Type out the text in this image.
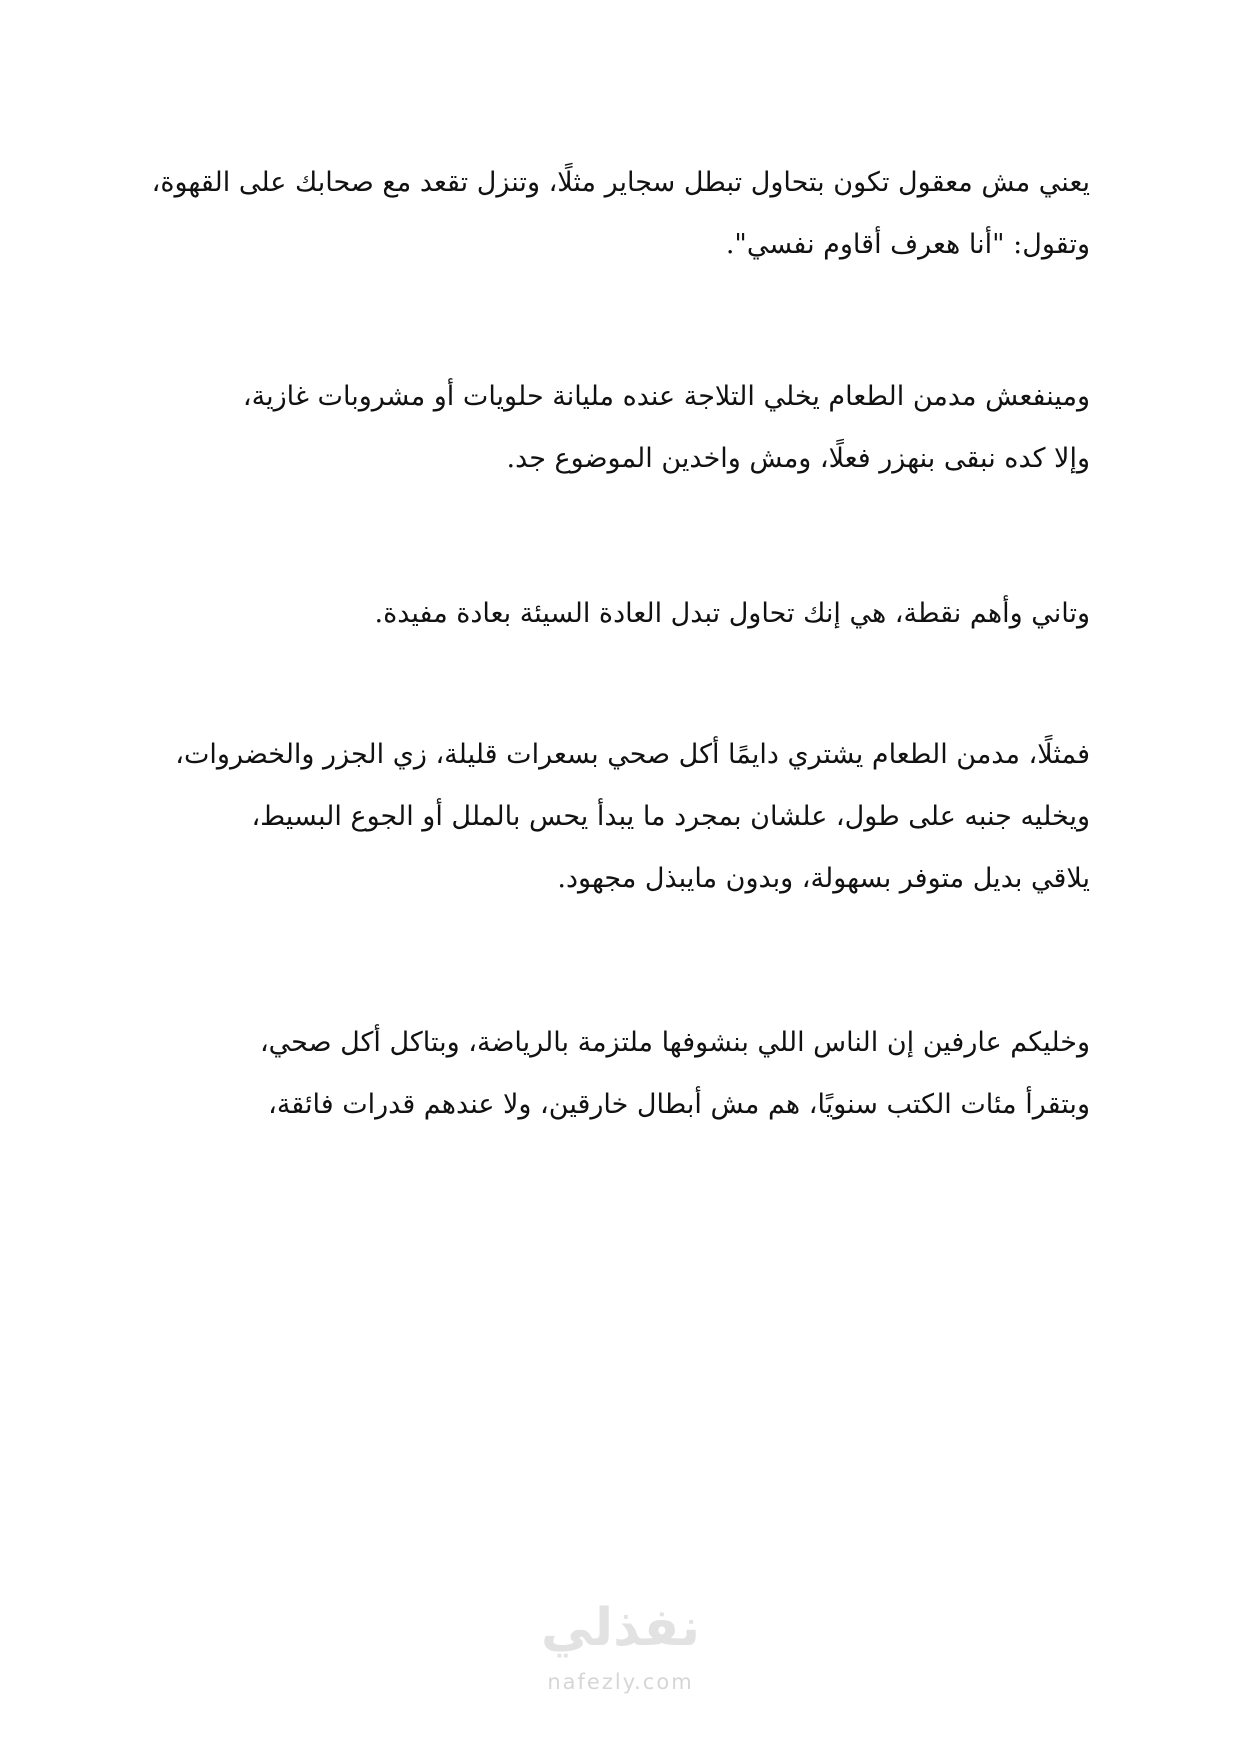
يعني مش معقول تكون بتحاول تبطل سجاير مثلًا، وتنزل تقعد مع صحابك على القهوة،
وتقول: "أنا هعرف أقاوم نفسي".
ومينفعش مدمن الطعام يخلي التلاجة عنده مليانة حلويات أو مشروبات غازية،
وإلا كده نبقى بنهزر فعلًا، ومش واخدين الموضوع جد.
وتاني وأهم نقطة، هي إنك تحاول تبدل العادة السيئة بعادة مفيدة.
فمثلًا، مدمن الطعام يشتري دايمًا أكل صحي بسعرات قليلة، زي الجزر والخضروات،
ويخليه جنبه على طول، علشان بمجرد ما يبدأ يحس بالملل أو الجوع البسيط،
يلاقي بديل متوفر بسهولة، وبدون مايبذل مجهود.
وخليكم عارفين إن الناس اللي بنشوفها ملتزمة بالرياضة، وبتاكل أكل صحي،
وبتقرأ مئات الكتب سنويًا، هم مش أبطال خارقين، ولا عندهم قدرات فائقة،
نفذلي
nafezly.com
